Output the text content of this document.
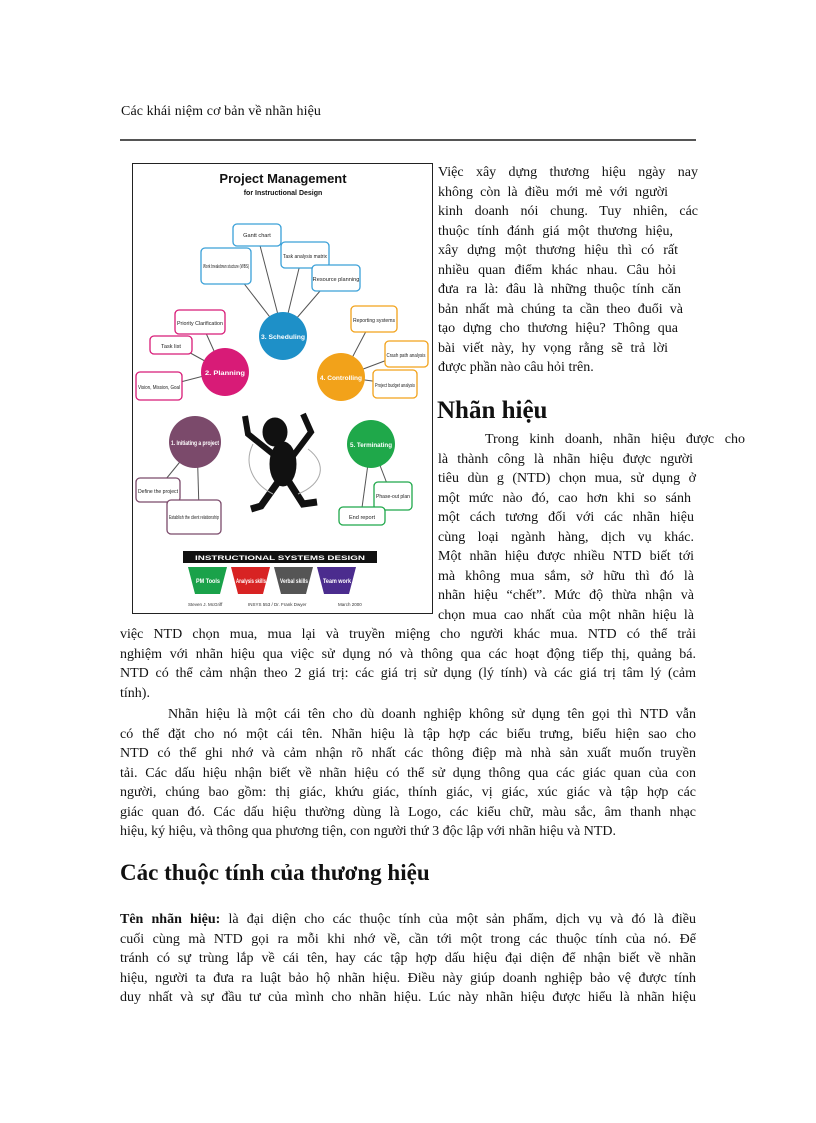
Các khái niệm cơ bản về nhãn hiệu
Project Management
for Instructional Design
Gantt chart
Work breakdown stucture (WBS)
Task analysis matrix
Resource planning
Priority Clarification
Task list
Vision, Mission, Goal
Reporting systems
Crash path analysis
Project budget analysis
Define the project
Establish the client relationship
Phase-out plan
End report
3. Scheduling
2. Planning
4. Controlling
1. Initiating a project	5. Terminating
INSTRUCTIONAL SYSTEMS DESIGN
PM Tools	Analysis skills Verbal skills Team work
Steven J. McGriff	INSYS 553 / Dr. Frank Dwyer	March 2000

Việc xây dựng thương hiệu ngày nay

không còn là điều mới mẻ với người

kinh doanh nói chung. Tuy nhiên, các

thuộc tính đánh giá một thương hiệu,

xây dựng một thương hiệu thì có rất

nhiều quan điểm khác nhau. Câu hỏi

đưa ra là: đâu là những thuộc tính căn

bản nhất mà chúng ta cần theo đuổi và

tạo dựng cho thương hiệu? Thông qua

bài viết này, hy vọng rằng sẽ trả lời

được phần nào câu hỏi trên.

Nhãn hiệu

Trong kinh doanh, nhãn hiệu được cho

là thành công là nhãn hiệu được người

tiêu dùn g (NTD) chọn mua, sử dụng ở

một mức nào đó, cao hơn khi so sánh

một cách tương đối với các nhãn hiệu

cùng loại ngành hàng, dịch vụ khác.

Một nhãn hiệu được nhiều NTD biết tới

mà không mua sắm, sở hữu thì đó là

nhãn hiệu “chết”. Mức độ thừa nhận và

chọn mua cao nhất của một nhãn hiệu là

việc NTD chọn mua, mua lại và truyền miệng cho người khác mua. NTD có thể trải

nghiệm với nhãn hiệu qua việc sử dụng nó và thông qua các hoạt động tiếp thị, quảng bá.

NTD có thể cảm nhận theo 2 giá trị: các giá trị sử dụng (lý tính) và các giá trị tâm lý (cảm

tính).

Nhãn hiệu là một cái tên cho dù doanh nghiệp không sử dụng tên gọi thì NTD vẫn

có thể đặt cho nó một cái tên. Nhãn hiệu là tập hợp các biểu trưng, biểu hiện sao cho

NTD có thể ghi nhớ và cảm nhận rõ nhất các thông điệp mà nhà sản xuất muốn truyền

tải. Các dấu hiệu nhận biết về nhãn hiệu có thể sử dụng thông qua các giác quan của con

người, chúng bao gồm: thị giác, khứu giác, thính giác, vị giác, xúc giác và tập hợp các

giác quan đó. Các dấu hiệu thường dùng là Logo, các kiểu chữ, màu sắc, âm thanh nhạc

hiệu, ký hiệu, và thông qua phương tiện, con người thứ 3 độc lập với nhãn hiệu và NTD.

Các thuộc tính của thương hiệu

Tên nhãn hiệu: là đại diện cho các thuộc tính của một sản phẩm, dịch vụ và đó là điều

cuối cùng mà NTD gọi ra mỗi khi nhớ về, cần tới một trong các thuộc tính của nó. Để

tránh có sự trùng lắp về cái tên, hay các tập hợp dấu hiệu đại diện để nhận biết về nhãn

hiệu, người ta đưa ra luật bảo hộ nhãn hiệu. Điều này giúp doanh nghiệp bảo vệ được tính

duy nhất và sự đầu tư của mình cho nhãn hiệu. Lúc này nhãn hiệu được hiểu là nhãn hiệu
